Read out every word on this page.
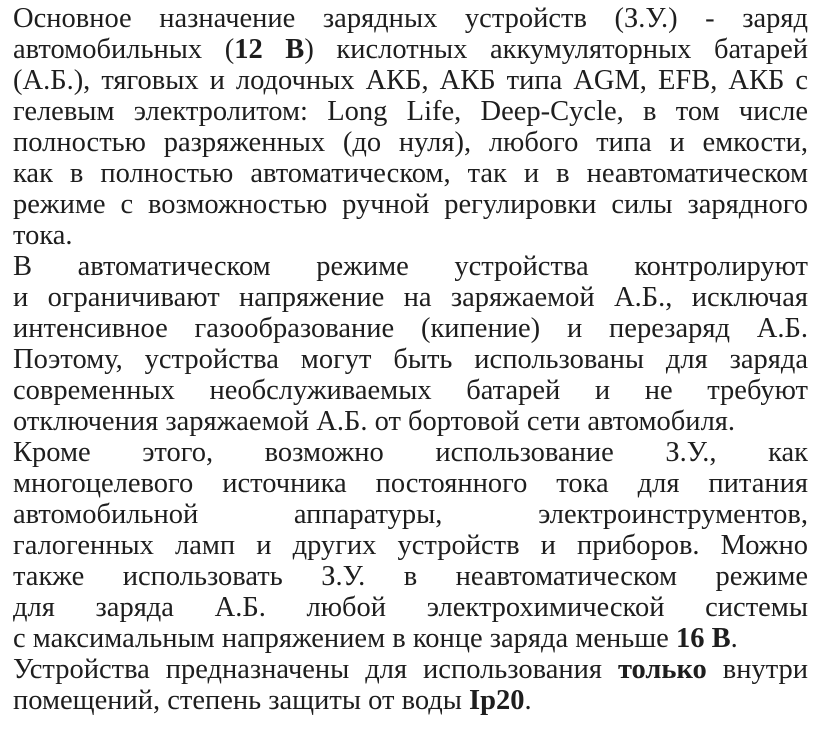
Основное назначение зарядных устройств (З.У.) - заряд
автомобильных (12 В) кислотных аккумуляторных батарей
(А.Б.), тяговых и лодочных АКБ, АКБ типа AGM, EFB, АКБ с
гелевым электролитом: Long Life, Deep-Cycle, в том числе
полностью разряженных (до нуля), любого типа и емкости,
как в полностью автоматическом, так и в неавтоматическом
режиме с возможностью ручной регулировки силы зарядного
тока.
В автоматическом режиме устройства контролируют
и ограничивают напряжение на заряжаемой А.Б., исключая
интенсивное газообразование (кипение) и перезаряд А.Б.
Поэтому, устройства могут быть использованы для заряда
современных необслуживаемых батарей и не требуют
отключения заряжаемой А.Б. от бортовой сети автомобиля.
Кроме этого, возможно использование З.У., как
многоцелевого источника постоянного тока для питания
автомобильной аппаратуры, электроинструментов,
галогенных ламп и других устройств и приборов. Можно
также использовать З.У. в неавтоматическом режиме
для заряда А.Б. любой электрохимической системы
с максимальным напряжением в конце заряда меньше 16 В.
Устройства предназначены для использования только внутри
помещений, степень защиты от воды Ip20.
